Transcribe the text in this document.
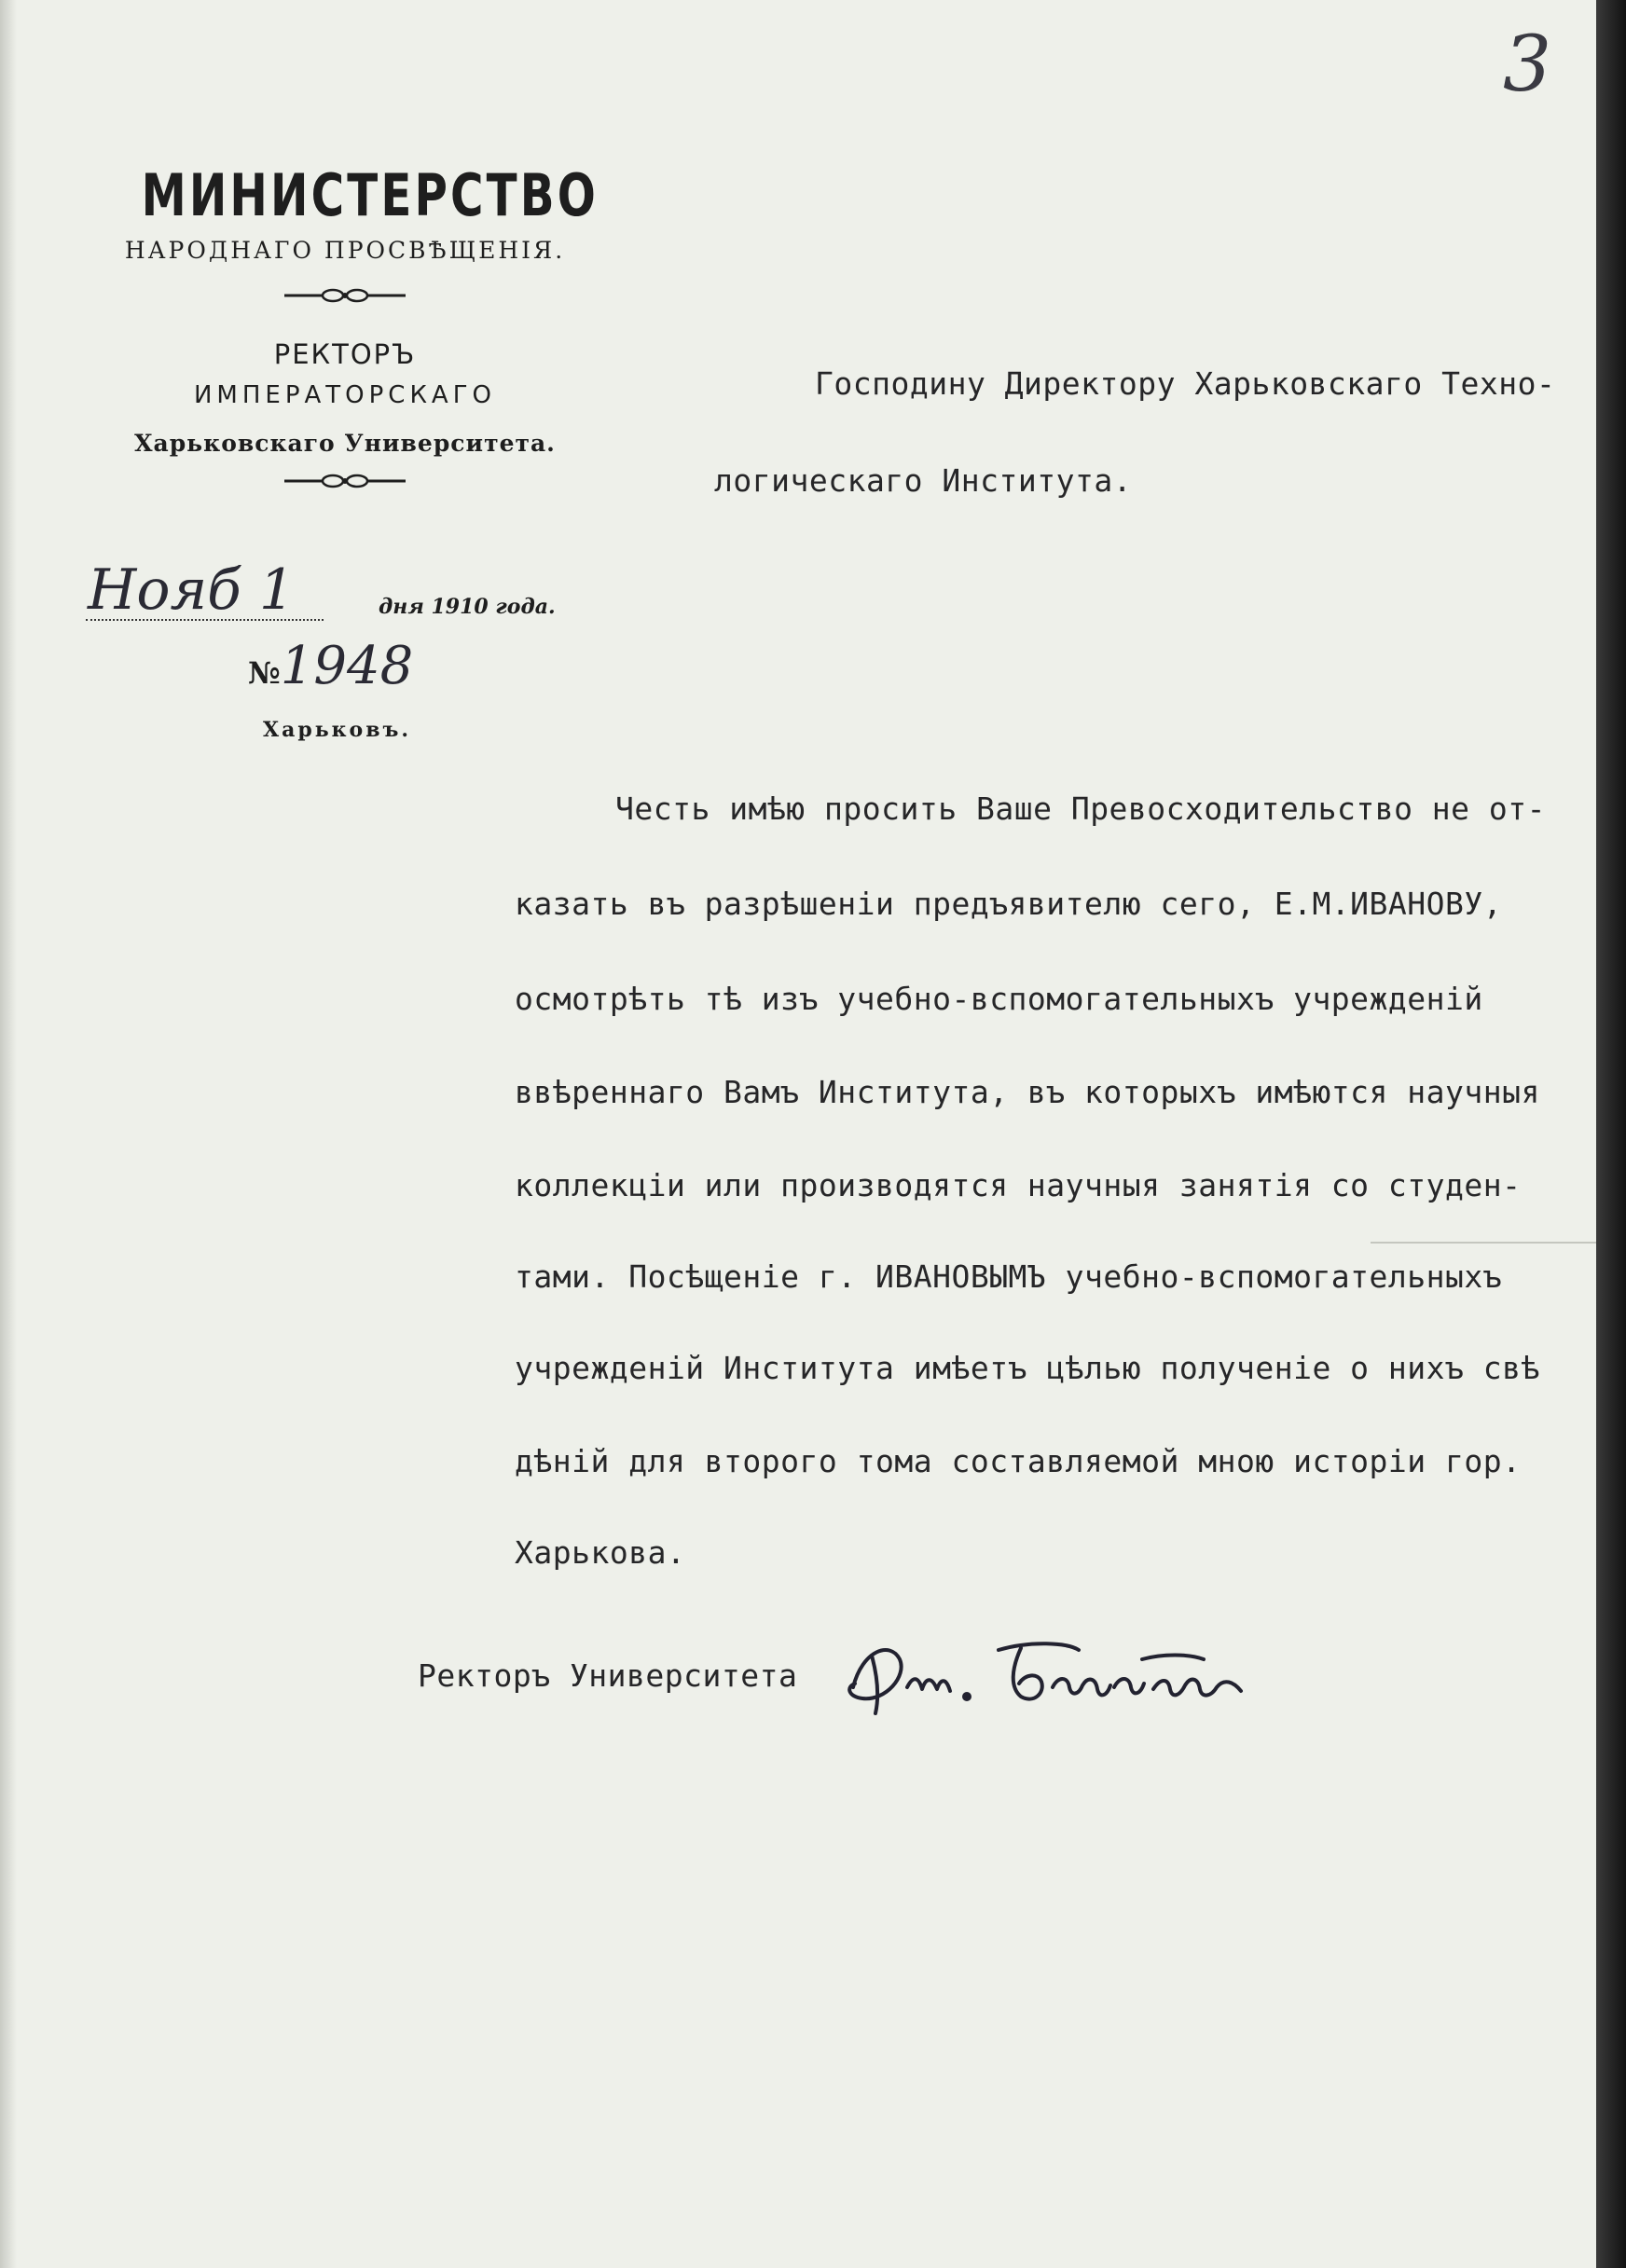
3
МИНИСТЕРСТВО
НАРОДНАГО ПРОСВѢЩЕНІЯ.
РЕКТОРЪ
ИМПЕРАТОРСКАГО
Харьковскаго Университета.
Нояб 1	дня 1910 года.
№1948
Харьковъ.
Господину Директору Харьковскаго Техно-
логическаго Института.
Честь имѣю просить Ваше Превосходительство не от-
казать въ разрѣшеніи предъявителю сего, Е.М.ИВАНОВУ,
осмотрѣть тѣ изъ учебно-вспомогательныхъ учрежденій
ввѣреннаго Вамъ Института, въ которыхъ имѣются научныя
коллекціи или производятся научныя занятія со студен-
тами. Посѣщеніе г. ИВАНОВЫМЪ учебно-вспомогательныхъ
учрежденій Института имѣетъ цѣлью полученіе о нихъ свѣ
дѣній для второго тома составляемой мною исторіи гор.
Харькова.
Ректоръ Университета
